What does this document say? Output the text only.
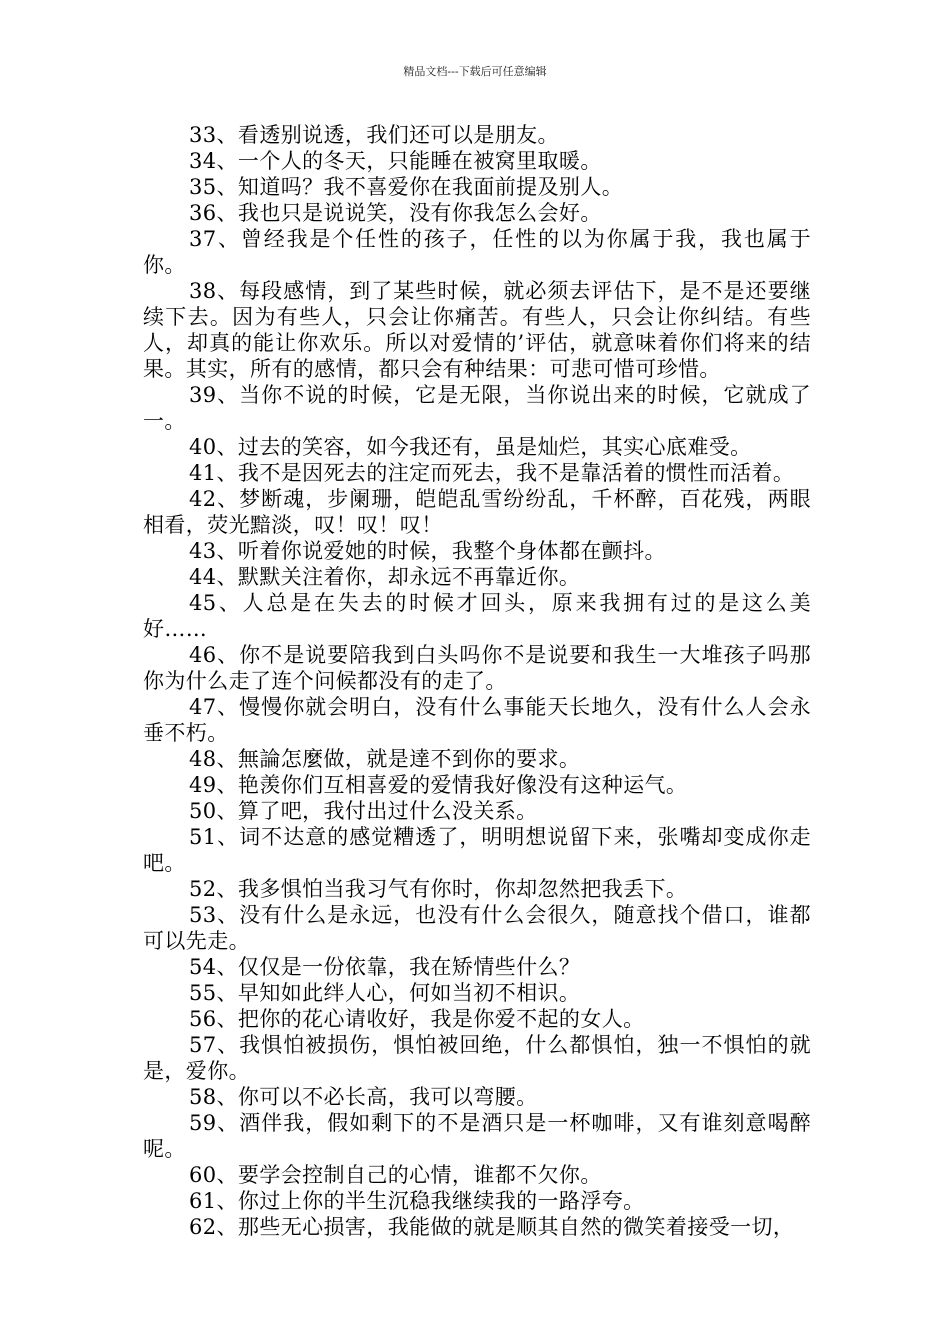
精品文档---下载后可任意编辑

33、看透别说透，我们还可以是朋友。

34、一个人的冬天，只能睡在被窝里取暖。

35、知道吗？我不喜爱你在我面前提及别人。

36、我也只是说说笑，没有你我怎么会好。

37、曾经我是个任性的孩子，任性的以为你属于我，我也属于你。

38、每段感情，到了某些时候，就必须去评估下，是不是还要继续下去。因为有些人，只会让你痛苦。有些人，只会让你纠结。有些人，却真的能让你欢乐。所以对爱情的’评估，就意味着你们将来的结果。其实，所有的感情，都只会有种结果：可悲可惜可珍惜。

39、当你不说的时候，它是无限，当你说出来的时候，它就成了一。

40、过去的笑容，如今我还有，虽是灿烂，其实心底难受。

41、我不是因死去的注定而死去，我不是靠活着的惯性而活着。

42、梦断魂，步阑珊，皑皑乱雪纷纷乱，千杯醉，百花残，两眼相看，荧光黯淡，叹！叹！叹！

43、听着你说爱她的时候，我整个身体都在颤抖。

44、默默关注着你，却永远不再靠近你。

45、人总是在失去的时候才回头，原来我拥有过的是这么美好……

46、你不是说要陪我到白头吗你不是说要和我生一大堆孩子吗那你为什么走了连个问候都没有的走了。

47、慢慢你就会明白，没有什么事能天长地久，没有什么人会永垂不朽。

48、無論怎麼做，就是達不到你的要求。

49、艳羡你们互相喜爱的爱情我好像没有这种运气。

50、算了吧，我付出过什么没关系。

51、词不达意的感觉糟透了，明明想说留下来，张嘴却变成你走吧。

52、我多惧怕当我习气有你时，你却忽然把我丢下。

53、没有什么是永远，也没有什么会很久，随意找个借口，谁都可以先走。

54、仅仅是一份依靠，我在矫情些什么？

55、早知如此绊人心，何如当初不相识。

56、把你的花心请收好，我是你爱不起的女人。

57、我惧怕被损伤，惧怕被回绝，什么都惧怕，独一不惧怕的就是，爱你。

58、你可以不必长高，我可以弯腰。

59、酒伴我，假如剩下的不是酒只是一杯咖啡，又有谁刻意喝醉呢。

60、要学会控制自己的心情，谁都不欠你。

61、你过上你的半生沉稳我继续我的一路浮夸。

62、那些无心损害，我能做的就是顺其自然的微笑着接受一切，
